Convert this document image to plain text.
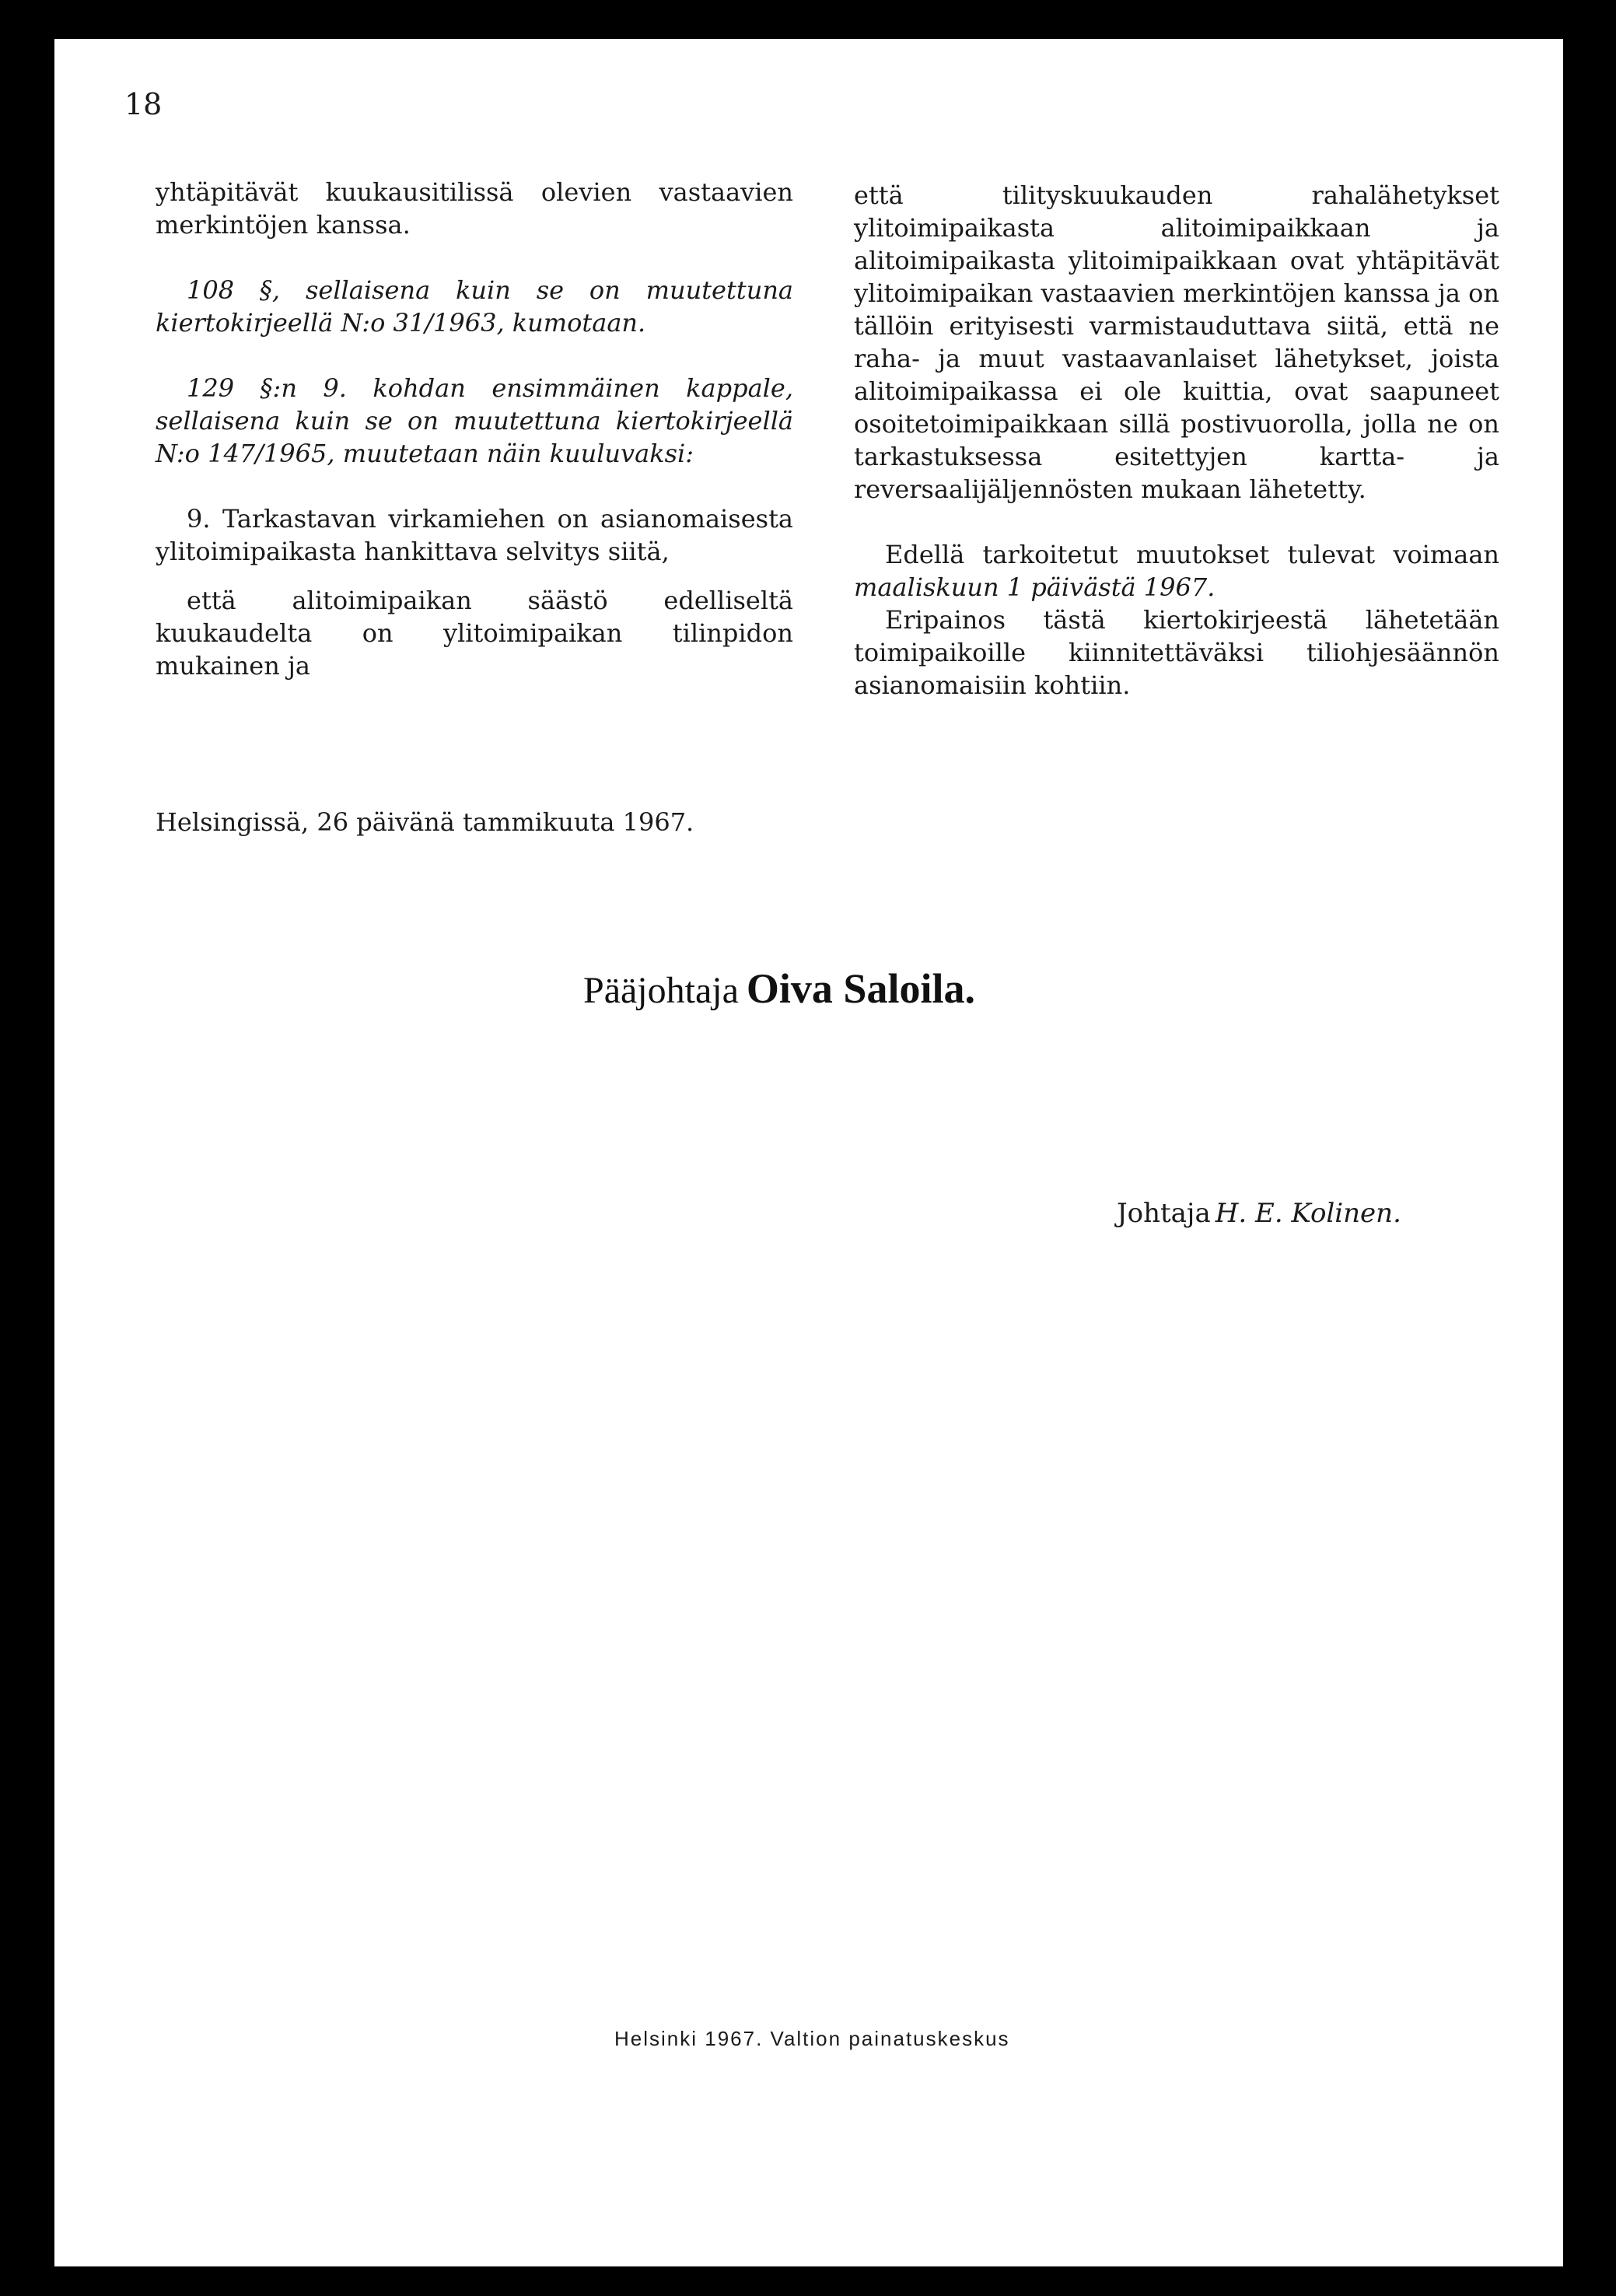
18

yhtäpitävät kuukausitilissä olevien vastaavien merkintöjen kanssa.

108 §, sellaisena kuin se on muutettuna kiertokirjeellä N:o 31/1963, kumotaan.

129 §:n 9. kohdan ensimmäinen kappale, sellaisena kuin se on muutettuna kiertokirjeellä N:o 147/1965, muutetaan näin kuuluvaksi:

9. Tarkastavan virkamiehen on asianomaisesta ylitoimipaikasta hankittava selvitys siitä,

että alitoimipaikan säästö edelliseltä kuukaudelta on ylitoimipaikan tilinpidon mukainen ja

Helsingissä, 26 päivänä tammikuuta 1967.

että tilityskuukauden rahalähetykset ylitoimipaikasta alitoimipaikkaan ja alitoimipaikasta ylitoimipaikkaan ovat yhtäpitävät ylitoimipaikan vastaavien merkintöjen kanssa ja on tällöin erityisesti varmistauduttava siitä, että ne raha- ja muut vastaavanlaiset lähetykset, joista alitoimipaikassa ei ole kuittia, ovat saapuneet osoitetoimipaikkaan sillä postivuorolla, jolla ne on tarkastuksessa esitettyjen kartta- ja reversaalijäljennösten mukaan lähetetty.

Edellä tarkoitetut muutokset tulevat voimaan maaliskuun 1 päivästä 1967.

Eripainos tästä kiertokirjeestä lähetetään toimipaikoille kiinnitettäväksi tiliohjesäännön asianomaisiin kohtiin.

Pääjohtaja Oiva Saloila.
Johtaja H. E. Kolinen.
Helsinki 1967. Valtion painatuskeskus
